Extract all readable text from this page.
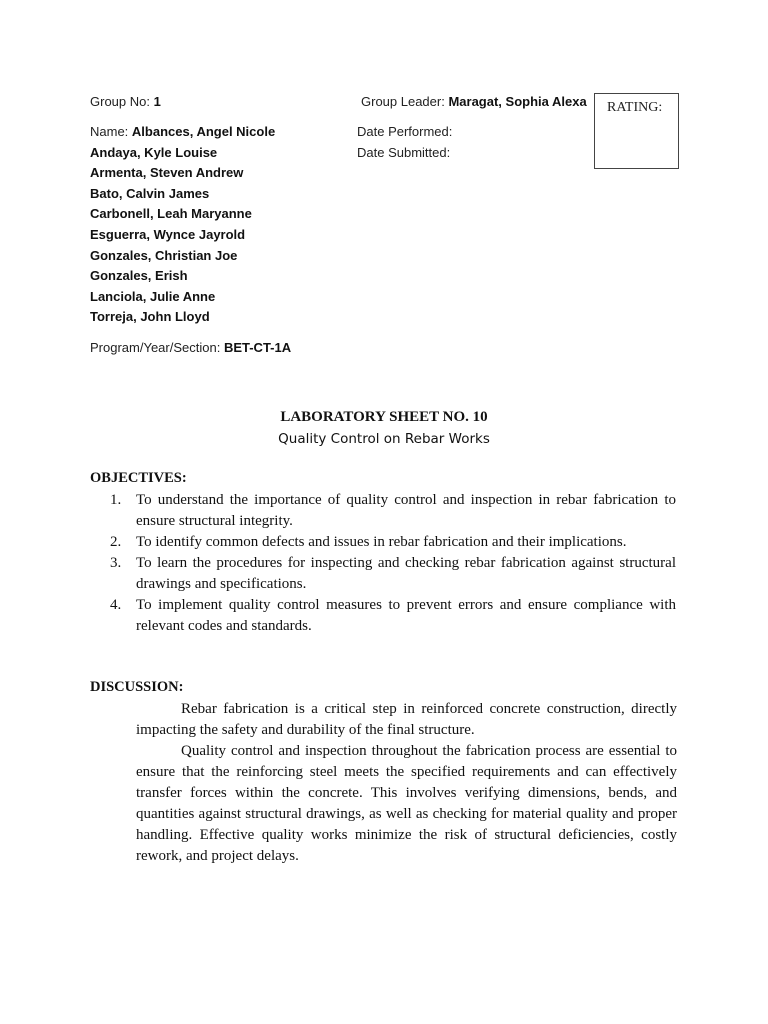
Group No: 1	Group Leader: Maragat, Sophia Alexa RATING:
Name: Albances, Angel Nicole
Andaya, Kyle Louise
Armenta, Steven Andrew
Bato, Calvin James
Carbonell, Leah Maryanne
Esguerra, Wynce Jayrold
Gonzales, Christian Joe
Gonzales, Erish
Lanciola, Julie Anne
Torreja, John Lloyd
Date Performed:
Date Submitted:
Program/Year/Section: BET-CT-1A
LABORATORY SHEET NO. 10
Quality Control on Rebar Works
OBJECTIVES:
1. To understand the importance of quality control and inspection in rebar fabrication to ensure structural integrity.
2. To identify common defects and issues in rebar fabrication and their implications.
3. To learn the procedures for inspecting and checking rebar fabrication against structural drawings and specifications.
4. To implement quality control measures to prevent errors and ensure compliance with relevant codes and standards.
DISCUSSION:

Rebar fabrication is a critical step in reinforced concrete construction, directly impacting the safety and durability of the final structure.

Quality control and inspection throughout the fabrication process are essential to ensure that the reinforcing steel meets the specified requirements and can effectively transfer forces within the concrete. This involves verifying dimensions, bends, and quantities against structural drawings, as well as checking for material quality and proper handling. Effective quality works minimize the risk of structural deficiencies, costly rework, and project delays.
